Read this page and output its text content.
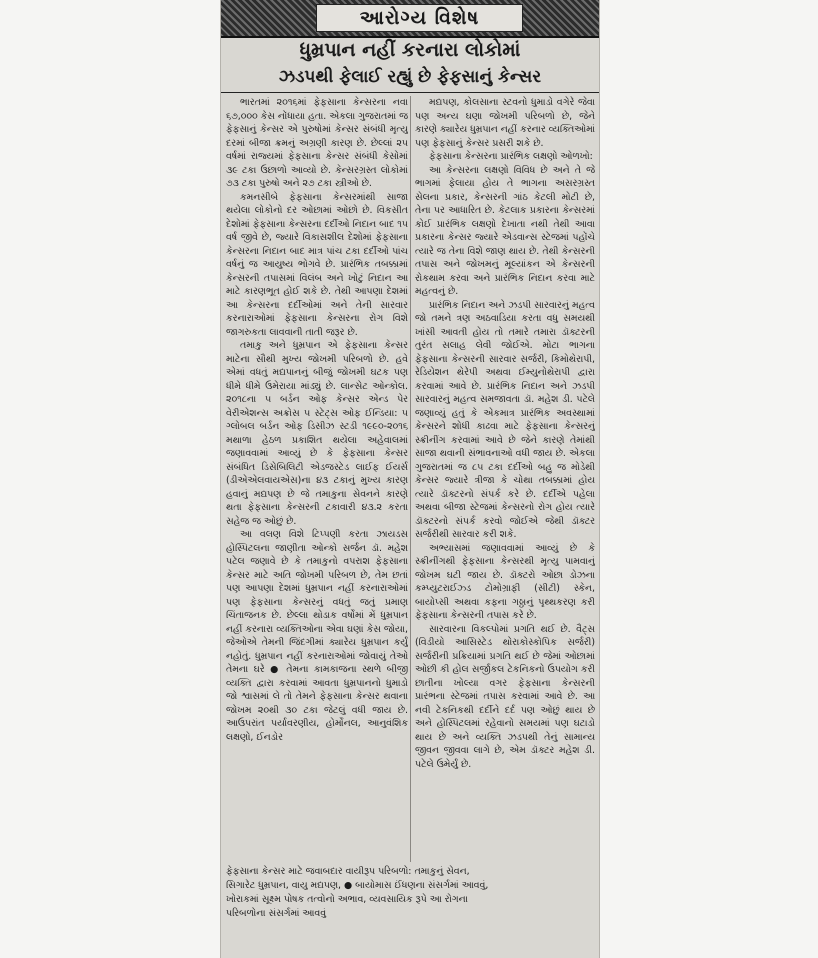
આરોગ્ય વિશેષ
ધુમ્રપાન નહીં કરનારા લોકોમાં
ઝડપથી ફેલાઈ રહ્યું છે ફેફસાનું કેન્સર

ભારતમાં ૨૦૧૬માં ફેફસાના કેન્સરના નવા ૬૭,૦૦૦ કેસ નોંધાયા હતા. એકલા ગુજરાતમાં જ ફેફસાનું કેન્સર એ પુરુષોમાં કેન્સર સંબંધી મૃત્યુ દરમાં બીજા ક્રમનું અગ્રણી કારણ છે. છેલ્લાં ૨૫ વર્ષમાં રાજ્યમાં ફેફસાના કેન્સર સંબંધી કેસોમાં ૩૯ ટકા ઉછાળો આવ્યો છે. કેન્સરગ્રસ્ત લોકોમાં ૭૩ ટકા પુરુષો અને ૨૭ ટકા સ્ત્રીઓ છે.

કમનસીબે ફેફસાના કેન્સરમાંથી સાજા થયેલા લોકોનો દર ઓછામાં ઓછો છે. વિકસીત દેશોમાં ફેફસાના કેન્સરના દર્દીઓ નિદાન બાદ ૧૫ વર્ષ જીવે છે, જ્યારે વિકાસશીલ દેશોમાં ફેફસાના કેન્સરના નિદાન બાદ માત્ર પાંચ ટકા દર્દીઓ પાંચ વર્ષનું જ આયુષ્ય ભોગવે છે. પ્રારંભિક તબક્કામાં કેન્સરની તપાસમાં વિલંબ અને ખોટું નિદાન આ માટે કારણભૂત હોઈ શકે છે. તેથી આપણા દેશમાં આ કેન્સરના દર્દીઓમાં અને તેની સારવાર કરનારાઓમાં ફેફસાના કેન્સરના રોગ વિશે જાગરુકતા લાવવાની તાતી જરૂર છે.

તમાકુ અને ધુમ્રપાન એ ફેફસાના કેન્સર માટેના સૌથી મુખ્ય જોખમી પરિબળો છે. હવે એમાં વધતું મદ્યપાનનું બીજું જોખમી ઘટક પણ ધીમે ધીમે ઉમેરાયા માંડ્યું છે. લાન્સેટ ઓન્કોલ. ૨૦૧૮ના ૫ બર્ડન ઓફ કેન્સર એન્ડ પેર વેરીએશન્સ અક્રોસ ૫ સ્ટેટ્સ ઓફ ઈન્ડિયા: ૫ ગ્લોબલ બર્ડન ઓફ ડિસીઝ સ્ટડી ૧૯૯૦-૨૦૧૬ મથાળા હેઠળ પ્રકાશિત થયેલા અહેવાલમાં જણાવવામાં આવ્યું છે કે ફેફસાના કેન્સર સંબંધિત ડિસેબિલિટી એડજસ્ટેડ લાઈફ ઈયર્સ (ડીએએલવાયએસ)ના ૪૩ ટકાનું મુખ્ય કારણ હવાનું મદ્યપણ છે જે તમાકુના સેવનને કારણે થતા ફેફસાના કેન્સરની ટકાવારી ૪૩.૨ કરતા સહેજ જ ઓછું છે.

આ વલણ વિશે ટિપ્પણી કરતા ઝાયડસ હોસ્પિટલના જાણીતા ઓન્કો સર્જન ડૉ. મહેશ પટેલ જણાવે છે કે તમાકુનો વપરાશ ફેફસાના કેન્સર માટે અતિ જોખમી પરિબળ છે, તેમ છતાં પણ આપણા દેશમાં ધુમ્રપાન નહીં કરનારાઓમાં પણ ફેફસાના કેન્સરનું વધતું જતું પ્રમાણ ચિંતાજનક છે. છેલ્લા થોડાક વર્ષોમાં મેં ધુમ્રપાન નહીં કરનારા વ્યક્તિઓના એવા ઘણાં કેસ જોયા, જેઓએ તેમની જિંદગીમાં ક્યારેય ધુમ્રપાન કર્યું નહોતું. ધુમ્રપાન નહીં કરનારાઓમાં જોવાયું તેઓ તેમના ઘરે ● તેમના કામકાજના સ્થળે બીજી વ્યક્તિ દ્વારા કરવામાં આવતા ધુમ્રપાનનો ધુમાડો જો શ્વાસમાં લે તો તેમને ફેફસાના કેન્સર થવાના જોખમ ૨૦થી ૩૦ ટકા જેટલું વધી જાય છે. આઉપરાંત પર્યાવરણીય, હોર્મોનલ, આનુવંશિક લક્ષણો, ઈનડોર

મદ્યપણ, કોલસાના સ્ટવનો ધુમાડો વગેરે જેવા પણ અન્ય ઘણા જોખમી પરિબળો છે, જેને કારણે ક્યારેય ધુમ્રપાન નહીં કરનાર વ્યક્તિઓમાં પણ ફેફસાનું કેન્સર પ્રસરી શકે છે.

ફેફસાના કેન્સરના પ્રારંભિક લક્ષણો ઓળખો:

આ કેન્સરના લક્ષણો વિવિધ છે અને તે જે ભાગમાં ફેલાયા હોય તે ભાગના અસરગ્રસ્ત સેલના પ્રકાર, કેન્સરની ગાંઠ કેટલી મોટી છે, તેના પર આધારિત છે. કેટલાક પ્રકારના કેન્સરમાં કોઈ પ્રારંભિક લક્ષણો દેખાતા નથી તેથી આવા પ્રકારના કેન્સર જ્યારે એડવાન્સ સ્ટેજમાં પહોંચે ત્યારે જ તેના વિશે જાણ થાય છે. તેથી કેન્સરની તપાસ અને જોખમનું મૂલ્યાંકન એ કેન્સરની રોકથામ કરવા અને પ્રારંભિક નિદાન કરવા માટે મહત્વનું છે.

પ્રારંભિક નિદાન અને ઝડપી સારવારનું મહત્વ જો તમને ત્રણ અઠવાડિયા કરતા વધુ સમયથી ખાંસી આવતી હોય તો તમારે તમારા ડૉક્ટરની તુરંત સલાહ લેવી જોઈએ. મોટા ભાગના ફેફસાના કેન્સરની સારવાર સર્જરી, કિમોથેરાપી, રેડિયેશન થેરેપી અથવા ઈમ્યુનોથેરાપી દ્વારા કરવામાં આવે છે. પ્રારંભિક નિદાન અને ઝડપી સારવારનું મહત્વ સમજાવતા ડૉ. મહેશ ડી. પટેલે જણાવ્યું હતું કે એકમાત્ર પ્રારંભિક અવસ્થામાં કેન્સરને શોધી કાઢવા માટે ફેફસાના કેન્સરનું સ્ક્રીનીંગ કરવામાં આવે છે જેને કારણે તેમાંથી સાજા થવાની સંભાવનાઓ વધી જાય છે. એકલા ગુજરાતમાં જ ૮૫ ટકા દર્દીઓ બહુ જ મોડેથી કેન્સર જ્યારે ત્રીજા કે ચોથા તબક્કામાં હોય ત્યારે ડૉક્ટરનો સંપર્ક કરે છે. દર્દીએ પહેલા અથવા બીજા સ્ટેજમાં કેન્સરનો રોગ હોય ત્યારે ડૉક્ટરનો સંપર્ક કરવો જોઈએ જેથી ડૉક્ટર સર્જરીથી સારવાર કરી શકે.

અભ્યાસમાં જણાવવામાં આવ્યું છે કે સ્ક્રીનીંગથી ફેફસાના કેન્સરથી મૃત્યુ પામવાનું જોખમ ઘટી જાય છે. ડૉક્ટરો ઓછા ડોઝના કમ્પ્યુટરાઈઝ્ડ ટોમોગ્રાફી (સીટી) સ્કેન, બાયોપ્સી અથવા કફના ગઠ્ઠાનું પૃથ્થકરણ કરી ફેફસાના કેન્સરની તપાસ કરે છે.

સારવારના વિકલ્પોમાં પ્રગતિ થઈ છે. વૈટ્સ (વિડીયો આસિસ્ટેડ થોરાકોસ્કોપિક સર્જરી) સર્જરીની પ્રક્રિયામાં પ્રગતિ થઈ છે જેમાં ઓછામાં ઓછી કી હોલ સર્જીકલ ટેકનિકનો ઉપયોગ કરી છાતીના ખોલ્યા વગર ફેફસાના કેન્સરની પ્રારંભના સ્ટેજમાં તપાસ કરવામાં આવે છે. આ નવી ટેકનિકથી દર્દીને દર્દ પણ ઓછું થાય છે અને હોસ્પિટલમાં રહેવાનો સમયમાં પણ ઘટાડો થાય છે અને વ્યક્તિ ઝડપથી તેનું સામાન્ય જીવન જીવવા લાગે છે, એમ ડૉક્ટર મહેશ ડી. પટેલે ઉમેર્યું છે.

ફેફસાના કેન્સર માટે જવાબદાર વાયીરૂપ પરિબળો: તમાકુનું સેવન,
સિગારેટ ધુમ્રપાન, વાયુ મદ્યપણ, ● બાયોમાસ ઈંધણના સંસર્ગમાં આવવું,
ખોરાકમાં સૂક્ષ્મ પોષક તત્વોનો અભાવ, વ્યવસાયિક રૂપે આ રોગના
પરિબળોના સંસર્ગમાં આવવું
